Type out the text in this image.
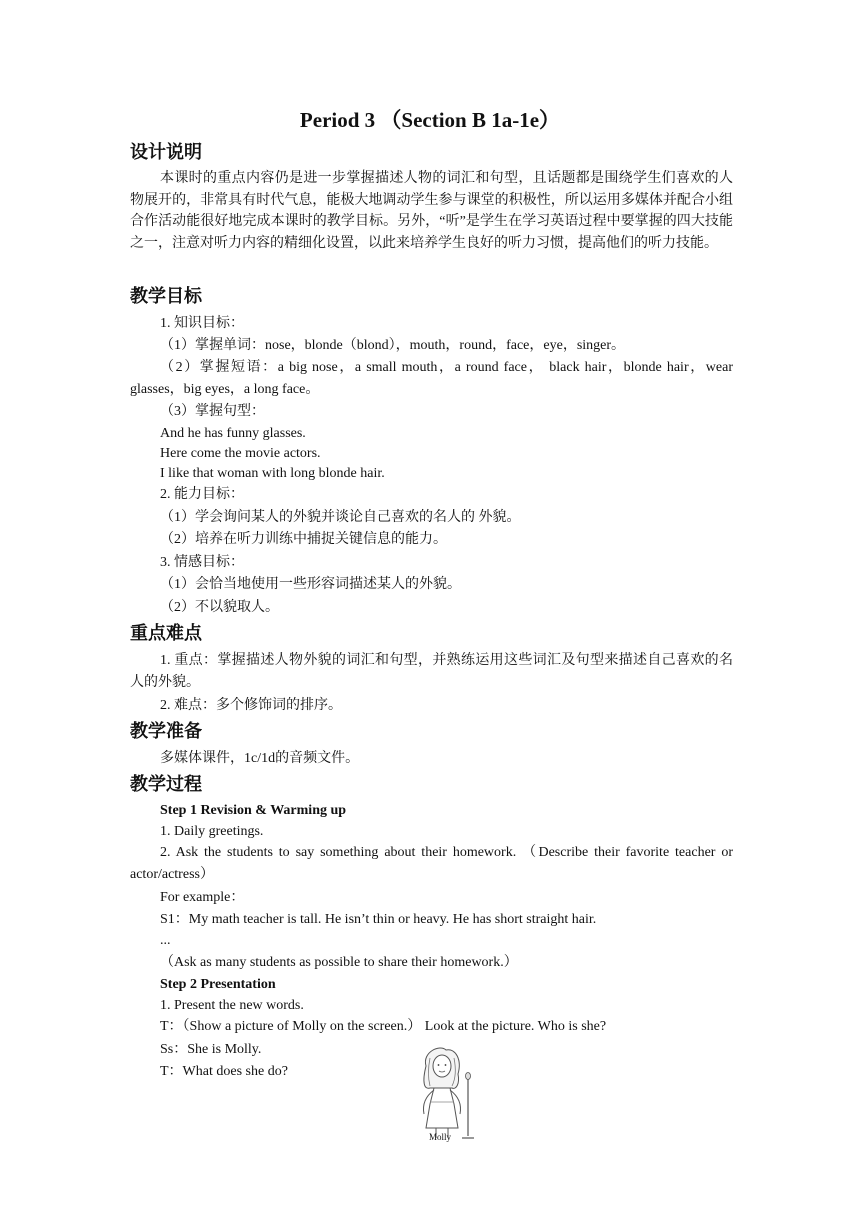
Period 3 （Section B 1a-1e）
设计说明
本课时的重点内容仍是进一步掌握描述人物的词汇和句型，且话题都是围绕学生们喜欢的人物展开的，非常具有时代气息，能极大地调动学生参与课堂的积极性，所以运用多媒体并配合小组合作活动能很好地完成本课时的教学目标。另外，“听”是学生在学习英语过程中要掌握的四大技能之一，注意对听力内容的精细化设置，以此来培养学生良好的听力习惯，提高他们的听力技能。
教学目标
1. 知识目标：
（1）掌握单词：nose，blonde（blond），mouth，round，face，eye，singer。
（2）掌握短语：a big nose，a small mouth，a round face， black hair，blonde hair，wear glasses，big eyes，a long face。
（3）掌握句型：
And he has funny glasses.
Here come the movie actors.
I like that woman with long blonde hair.
2. 能力目标：
（1）学会询问某人的外貌并谈论自己喜欢的名人的 外貌。
（2）培养在听力训练中捕捉关键信息的能力。
3. 情感目标：
（1）会恰当地使用一些形容词描述某人的外貌。
（2）不以貌取人。
重点难点
1. 重点：掌握描述人物外貌的词汇和句型，并熟练运用这些词汇及句型来描述自己喜欢的名人的外貌。
2. 难点：多个修饰词的排序。
教学准备
多媒体课件，1c/1d的音频文件。
教学过程
Step 1 Revision & Warming up
1. Daily greetings.
2. Ask the students to say something about their homework. （Describe their favorite teacher or actor/actress）
For example：
S1：My math teacher is tall. He isn’t thin or heavy. He has short straight hair.
...
（Ask as many students as possible to share their homework.）
Step 2 Presentation
1. Present the new words.
T：（Show a picture of Molly on the screen.） Look at the picture. Who is she?
Ss：She is Molly.
T：What does she do?
Molly
